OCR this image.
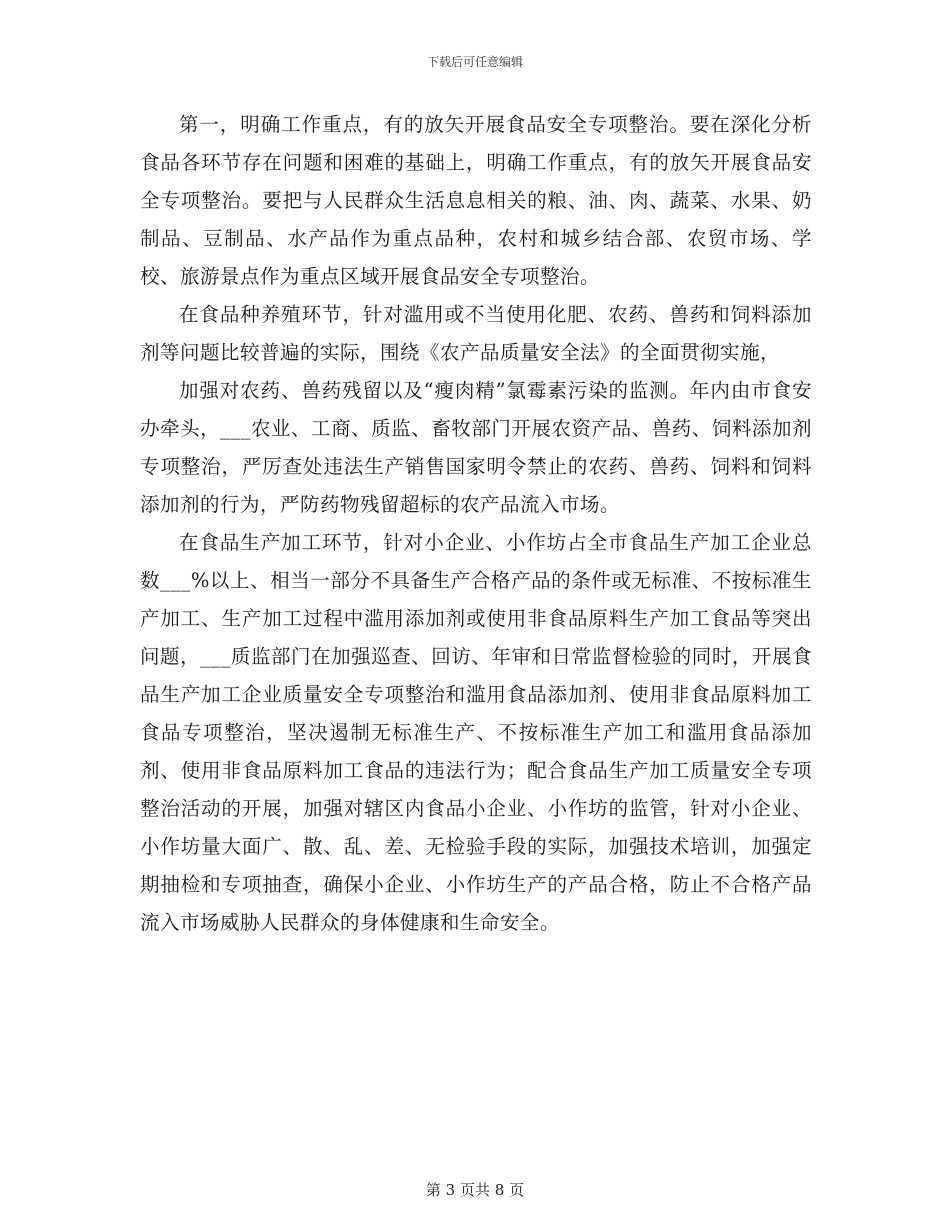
下载后可任意编辑

第一，明确工作重点，有的放矢开展食品安全专项整治。要在深化分析食品各环节存在问题和困难的基础上，明确工作重点，有的放矢开展食品安全专项整治。要把与人民群众生活息息相关的粮、油、肉、蔬菜、水果、奶制品、豆制品、水产品作为重点品种，农村和城乡结合部、农贸市场、学校、旅游景点作为重点区域开展食品安全专项整治。

在食品种养殖环节，针对滥用或不当使用化肥、农药、兽药和饲料添加剂等问题比较普遍的实际，围绕《农产品质量安全法》的全面贯彻实施，

加强对农药、兽药残留以及“瘦肉精”氯霉素污染的监测。年内由市食安办牵头，___农业、工商、质监、畜牧部门开展农资产品、兽药、饲料添加剂专项整治，严厉查处违法生产销售国家明令禁止的农药、兽药、饲料和饲料添加剂的行为，严防药物残留超标的农产品流入市场。

在食品生产加工环节，针对小企业、小作坊占全市食品生产加工企业总数___%以上、相当一部分不具备生产合格产品的条件或无标准、不按标准生产加工、生产加工过程中滥用添加剂或使用非食品原料生产加工食品等突出问题，___质监部门在加强巡查、回访、年审和日常监督检验的同时，开展食品生产加工企业质量安全专项整治和滥用食品添加剂、使用非食品原料加工食品专项整治，坚决遏制无标准生产、不按标准生产加工和滥用食品添加剂、使用非食品原料加工食品的违法行为；配合食品生产加工质量安全专项整治活动的开展，加强对辖区内食品小企业、小作坊的监管，针对小企业、小作坊量大面广、散、乱、差、无检验手段的实际，加强技术培训，加强定期抽检和专项抽查，确保小企业、小作坊生产的产品合格，防止不合格产品流入市场威胁人民群众的身体健康和生命安全。

第 3 页共 8 页
